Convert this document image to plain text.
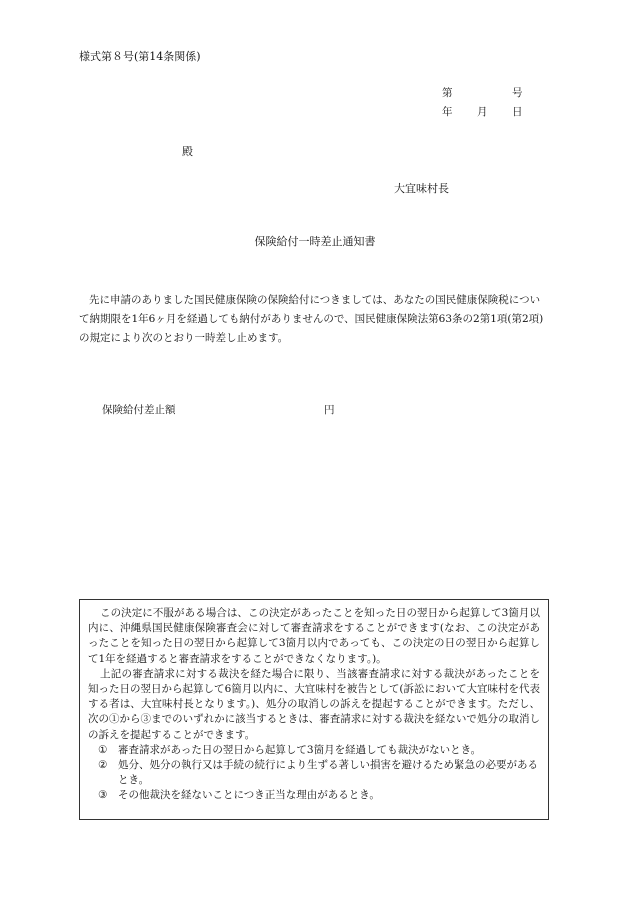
様式第８号(第14条関係)
第	号
年 月 日
殿
大宜味村長
保険給付一時差止通知書
先に申請のありました国民健康保険の保険給付につきましては、あなたの国民健康保険税について納期限を1年6ヶ月を経過しても納付がありませんので、国民健康保険法第63条の2第1項(第2項)の規定により次のとおり一時差し止めます。
保険給付差止額	円

この決定に不服がある場合は、この決定があったことを知った日の翌日から起算して3箇月以内に、沖縄県国民健康保険審査会に対して審査請求をすることができます(なお、この決定があったことを知った日の翌日から起算して3箇月以内であっても、この決定の日の翌日から起算して1年を経過すると審査請求をすることができなくなります。)。

上記の審査請求に対する裁決を経た場合に限り、当該審査請求に対する裁決があったことを知った日の翌日から起算して6箇月以内に、大宜味村を被告として(訴訟において大宜味村を代表する者は、大宜味村長となります。)、処分の取消しの訴えを提起することができます。ただし、次の①から③までのいずれかに該当するときは、審査請求に対する裁決を経ないで処分の取消しの訴えを提起することができます。

① 審査請求があった日の翌日から起算して3箇月を経過しても裁決がないとき。
② 処分、処分の執行又は手続の続行により生ずる著しい損害を避けるため緊急の必要があるとき。
③ その他裁決を経ないことにつき正当な理由があるとき。
